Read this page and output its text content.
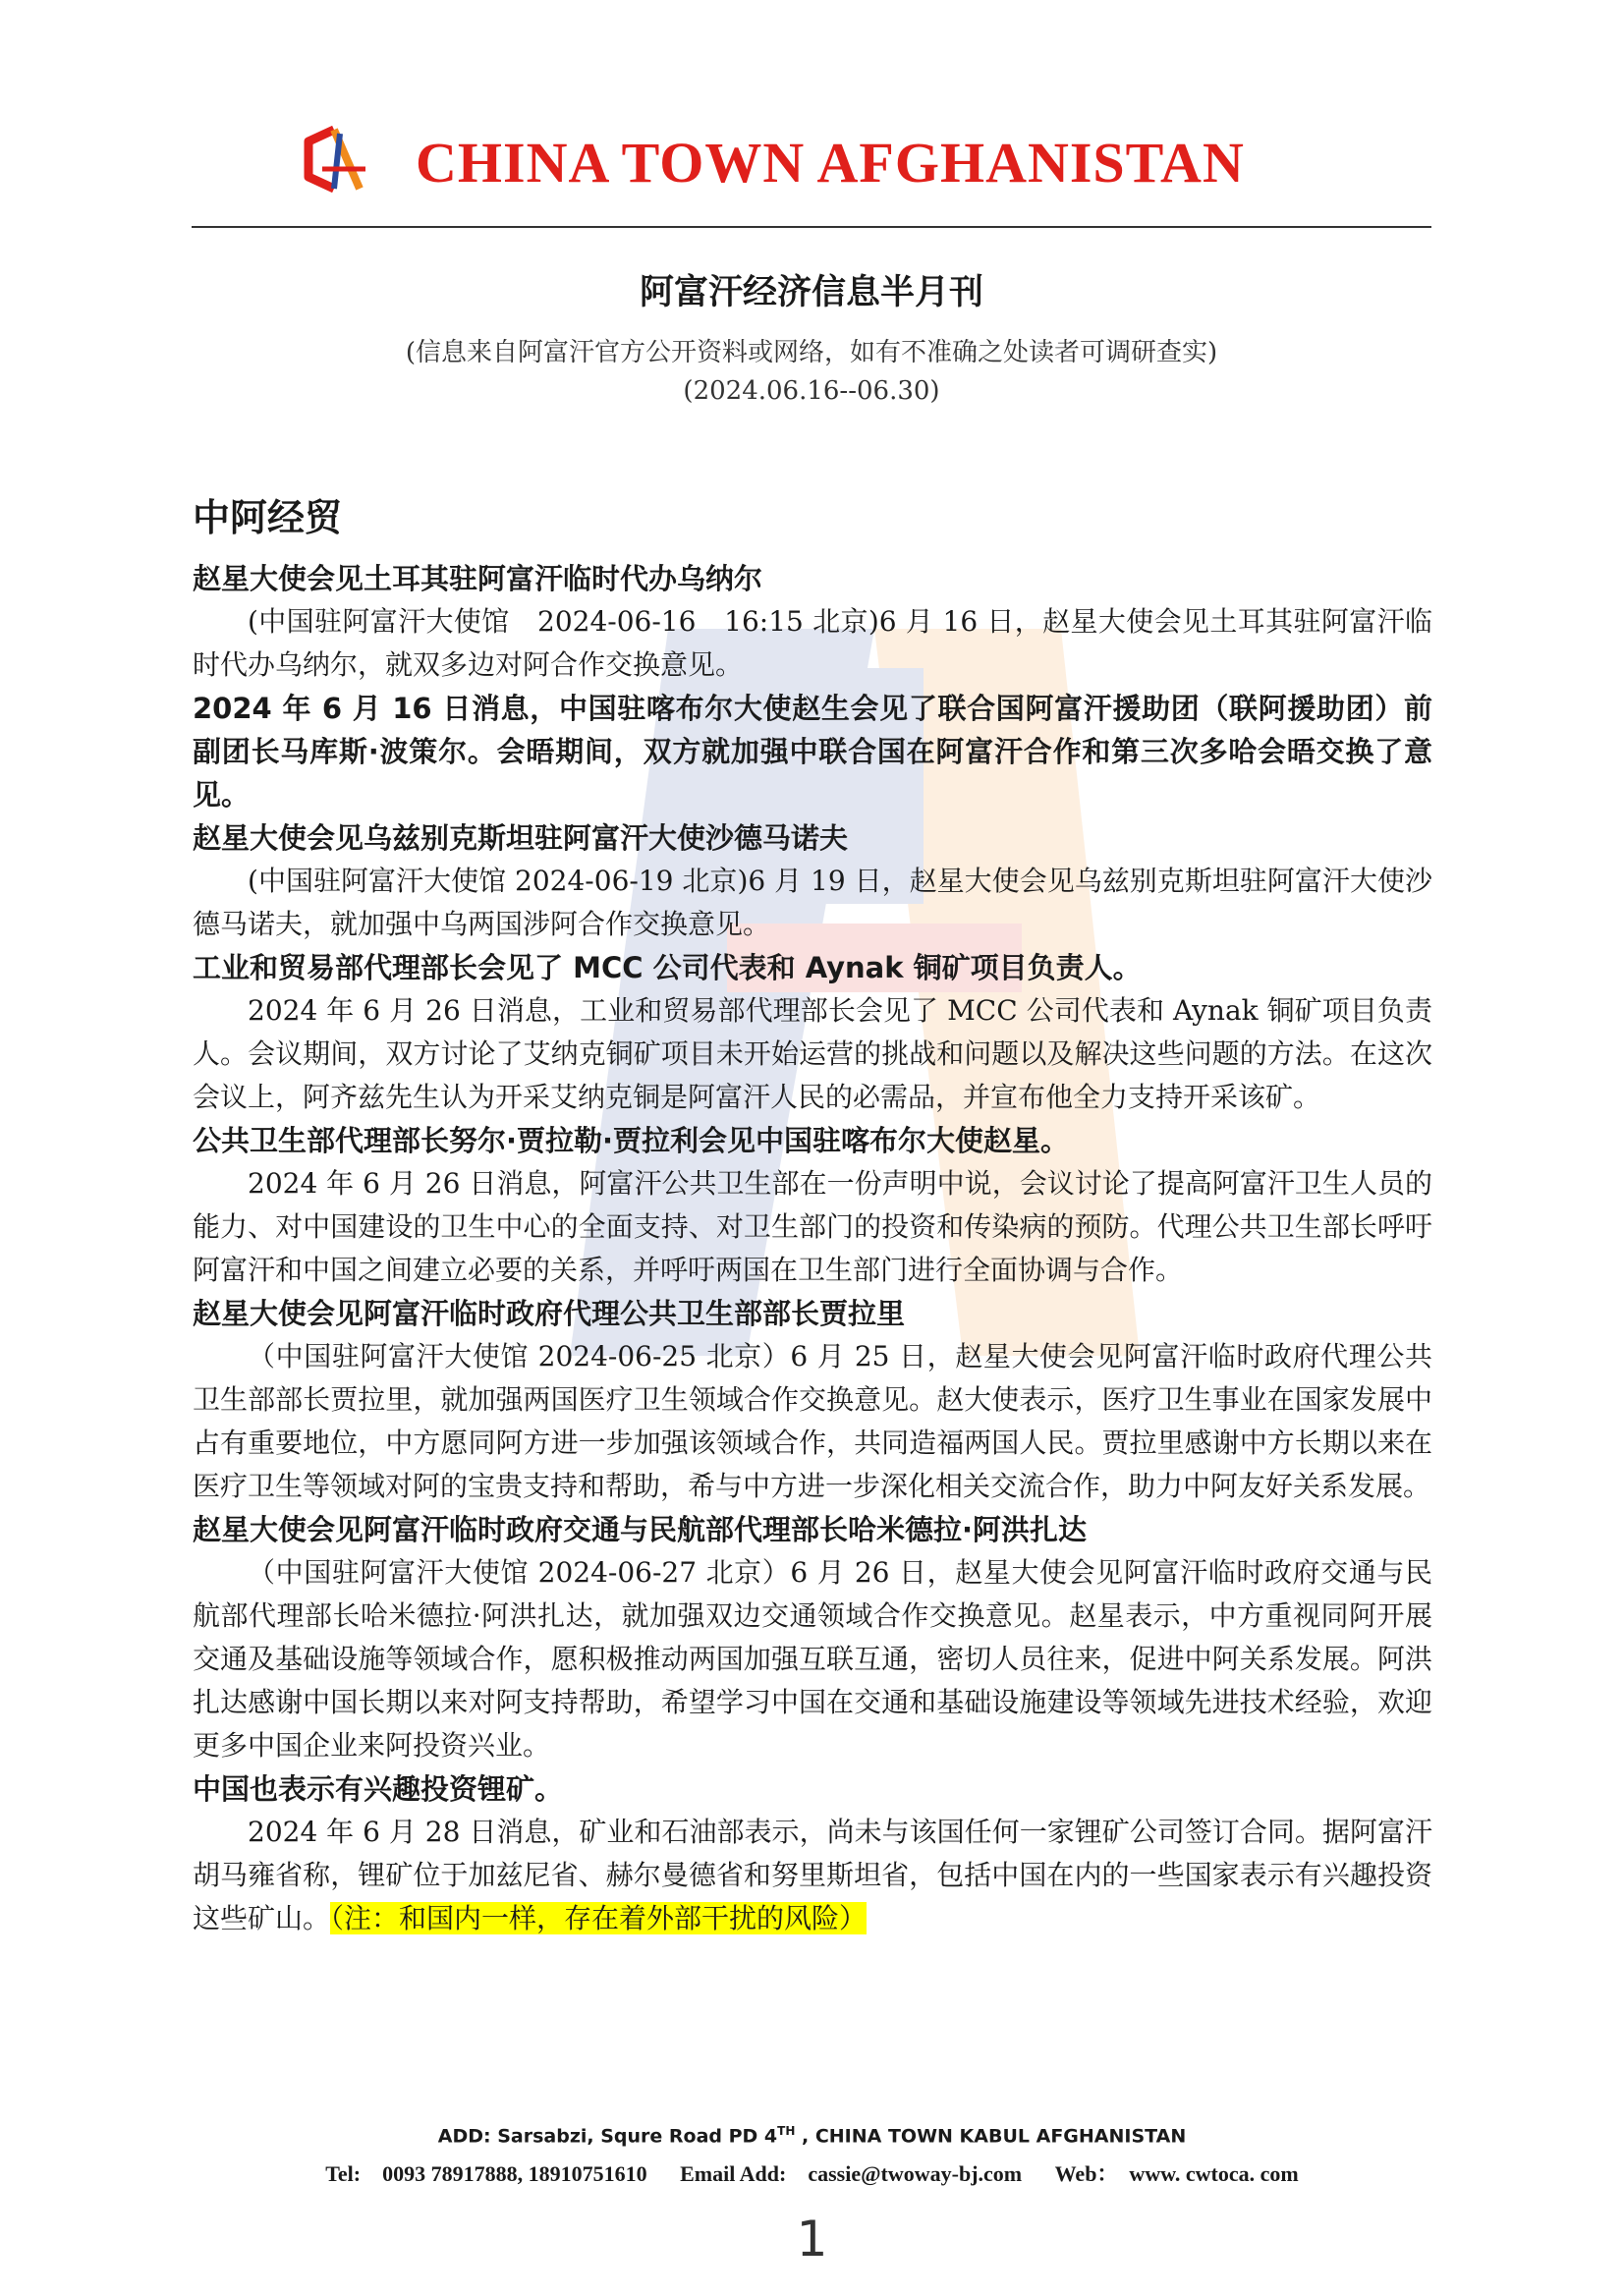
CHINA TOWN AFGHANISTAN
阿富汗经济信息半月刊
(信息来自阿富汗官方公开资料或网络，如有不准确之处读者可调研查实)
(2024.06.16--06.30)
中阿经贸

赵星大使会见土耳其驻阿富汗临时代办乌纳尔

(中国驻阿富汗大使馆　2024-06-16　16:15 北京)6 月 16 日，赵星大使会见土耳其驻阿富汗临时代办乌纳尔，就双多边对阿合作交换意见。

2024 年 6 月 16 日消息，中国驻喀布尔大使赵生会见了联合国阿富汗援助团（联阿援助团）前副团长马库斯·波策尔。会晤期间，双方就加强中联合国在阿富汗合作和第三次多哈会晤交换了意见。

赵星大使会见乌兹别克斯坦驻阿富汗大使沙德马诺夫

(中国驻阿富汗大使馆 2024-06-19 北京)6 月 19 日，赵星大使会见乌兹别克斯坦驻阿富汗大使沙德马诺夫，就加强中乌两国涉阿合作交换意见。

工业和贸易部代理部长会见了 MCC 公司代表和 Aynak 铜矿项目负责人。

2024 年 6 月 26 日消息，工业和贸易部代理部长会见了 MCC 公司代表和 Aynak 铜矿项目负责人。会议期间，双方讨论了艾纳克铜矿项目未开始运营的挑战和问题以及解决这些问题的方法。在这次会议上，阿齐兹先生认为开采艾纳克铜是阿富汗人民的必需品，并宣布他全力支持开采该矿。

公共卫生部代理部长努尔·贾拉勒·贾拉利会见中国驻喀布尔大使赵星。

2024 年 6 月 26 日消息，阿富汗公共卫生部在一份声明中说，会议讨论了提高阿富汗卫生人员的能力、对中国建设的卫生中心的全面支持、对卫生部门的投资和传染病的预防。代理公共卫生部长呼吁阿富汗和中国之间建立必要的关系，并呼吁两国在卫生部门进行全面协调与合作。

赵星大使会见阿富汗临时政府代理公共卫生部部长贾拉里

（中国驻阿富汗大使馆 2024-06-25 北京）6 月 25 日，赵星大使会见阿富汗临时政府代理公共卫生部部长贾拉里，就加强两国医疗卫生领域合作交换意见。赵大使表示，医疗卫生事业在国家发展中占有重要地位，中方愿同阿方进一步加强该领域合作，共同造福两国人民。贾拉里感谢中方长期以来在医疗卫生等领域对阿的宝贵支持和帮助，希与中方进一步深化相关交流合作，助力中阿友好关系发展。

赵星大使会见阿富汗临时政府交通与民航部代理部长哈米德拉·阿洪扎达

（中国驻阿富汗大使馆 2024-06-27 北京）6 月 26 日，赵星大使会见阿富汗临时政府交通与民航部代理部长哈米德拉·阿洪扎达，就加强双边交通领域合作交换意见。赵星表示，中方重视同阿开展交通及基础设施等领域合作，愿积极推动两国加强互联互通，密切人员往来，促进中阿关系发展。阿洪扎达感谢中国长期以来对阿支持帮助，希望学习中国在交通和基础设施建设等领域先进技术经验，欢迎更多中国企业来阿投资兴业。

中国也表示有兴趣投资锂矿。

2024 年 6 月 28 日消息，矿业和石油部表示，尚未与该国任何一家锂矿公司签订合同。据阿富汗胡马雍省称，锂矿位于加兹尼省、赫尔曼德省和努里斯坦省，包括中国在内的一些国家表示有兴趣投资这些矿山。（注：和国内一样，存在着外部干扰的风险）

ADD: Sarsabzi, Squre Road PD 4TH , CHINA TOWN KABUL AFGHANISTAN
Tel:　0093 78917888, 18910751610 Email Add:　cassie@twoway-bj.com Web：　www. cwtoca. com
1
